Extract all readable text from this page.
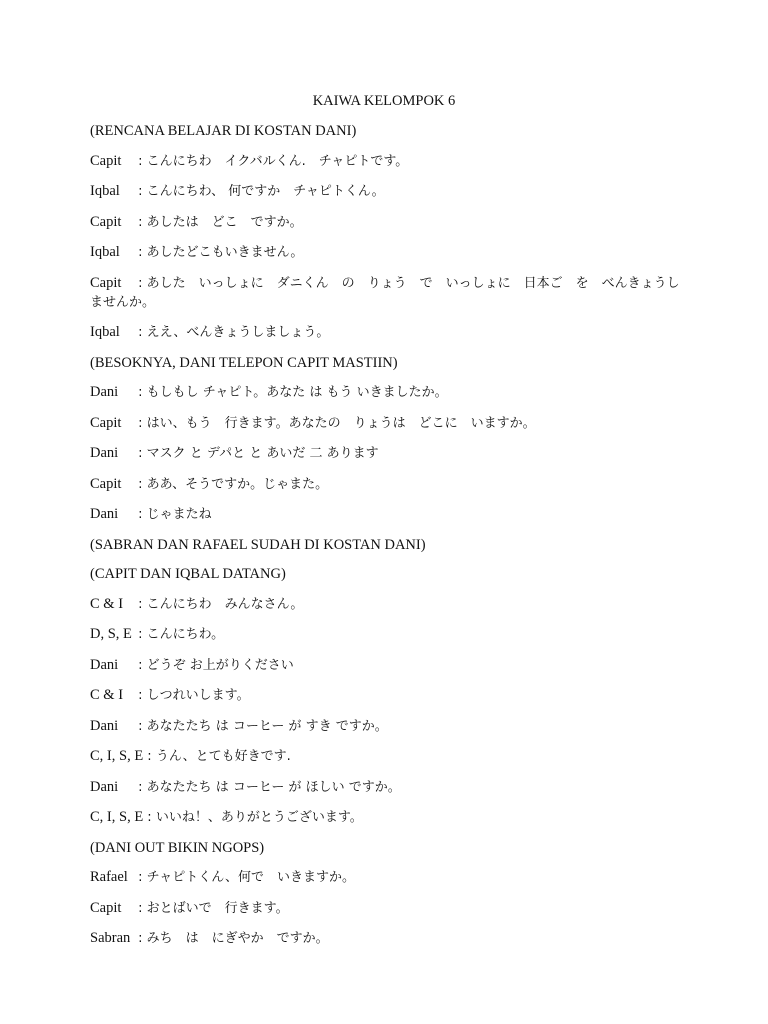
KAIWA KELOMPOK 6
(RENCANA BELAJAR DI KOSTAN DANI)
Capit : こんにちわ　イクバルくん.　チャピトです。
Iqbal : こんにちわ、 何ですか　チャピトくん。
Capit : あしたは　どこ　ですか。
Iqbal : あしたどこもいきません。
Capit : あした　いっしょに　ダニくん　の　りょう　で　いっしょに　日本ご　を　べんきょうしませんか。
Iqbal : ええ、べんきょうしましょう。
(BESOKNYA, DANI TELEPON CAPIT MASTIIN)
Dani : もしもし チャピト。あなた は もう いきましたか。
Capit : はい、もう　行きます。あなたの　りょうは　どこに　いますか。
Dani : マスク と デパと と あいだ 二 あります
Capit : ああ、そうですか。じゃまた。
Dani : じゃまたね
(SABRAN DAN RAFAEL SUDAH DI KOSTAN DANI)
(CAPIT DAN IQBAL DATANG)
C & I : こんにちわ　みんなさん。
D, S, E : こんにちわ。
Dani : どうぞ お上がりください
C & I : しつれいします。
Dani : あなたたち は コーヒー が すき ですか。
C, I, S, E : うん、とても好きです.
Dani : あなたたち は コーヒー が ほしい ですか。
C, I, S, E : いいね！、ありがとうございます。
(DANI OUT BIKIN NGOPS)
Rafael : チャピトくん、何で　いきますか。
Capit : おとばいで　行きます。
Sabran : みち　は　にぎやか　ですか。
